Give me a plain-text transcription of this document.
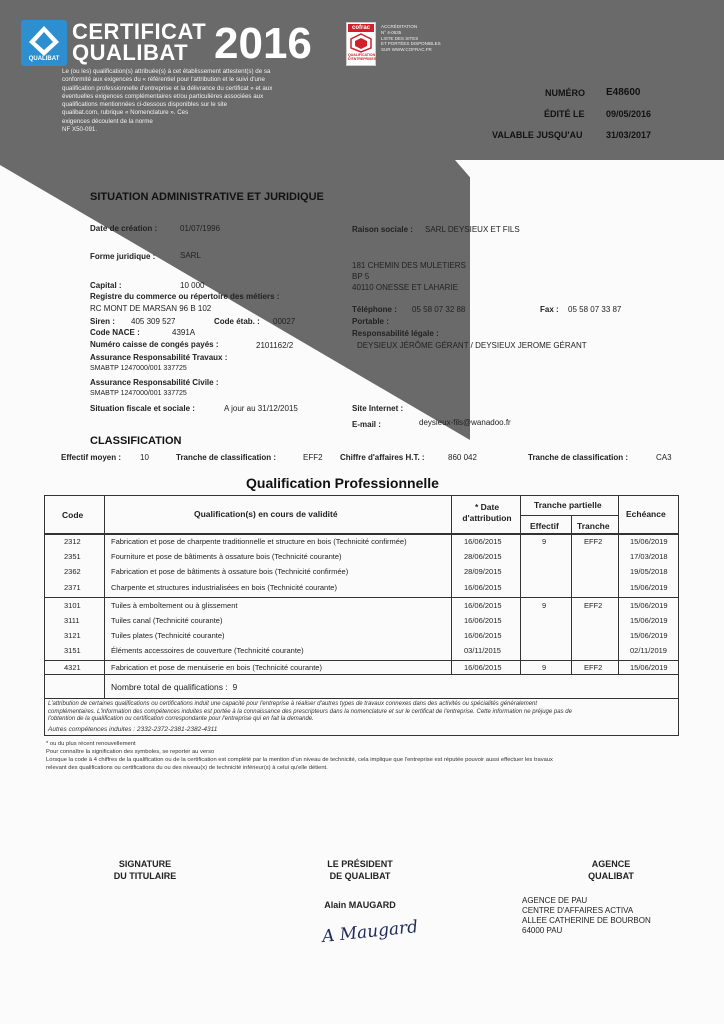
QUALIBAT
CERTIFICAT
QUALIBAT 2016
Le (ou les) qualification(s) attribuée(s) à cet établissement attestent(s) de sa
conformité aux exigences du « référentiel pour l'attribution et le suivi d'une
qualification professionnelle d'entreprise et la délivrance du certificat » et aux
éventuelles exigences complémentaires et/ou particulières associées aux
qualifications mentionnées ci-dessous disponibles sur le site
qualibat.com, rubrique « Nomenclature ». Ces
exigences découlent de la norme
NF X50-091.
cofrac
QUALIFICATION D'ENTREPRISES
ACCRÉDITATION
N° 4-0535
LISTE DES SITES
ET PORTÉES DISPONIBLES
SUR WWW.COFRAC.FR
NUMÉRO E48600
ÉDITÉ LE 09/05/2016
VALABLE JUSQU'AU	31/03/2017
SITUATION ADMINISTRATIVE ET JURIDIQUE
Date de création :	01/07/1996
Forme juridique :	SARL
Capital :	10 000
Registre du commerce ou répertoire des métiers :
RC MONT DE MARSAN 96 B 102
Siren : 405 309 527	Code étab. : 00027
Code NACE :	4391A
Numéro caisse de congés payés :	2101162/2
Assurance Responsabilité Travaux :
SMABTP 1247000/001 337725
Assurance Responsabilité Civile :
SMABTP 1247000/001 337725
Situation fiscale et sociale :	A jour au 31/12/2015
Raison sociale : SARL DEYSIEUX ET FILS
181 CHEMIN DES MULETIERS
BP 5
40110 ONESSE ET LAHARIE
Téléphone : 05 58 07 32 88	Fax : 05 58 07 33 87
Portable :
Responsabilité légale :
DEYSIEUX JÉRÔME GÉRANT / DEYSIEUX JEROME GÉRANT
Site Internet :
E-mail :	deysieux-fils@wanadoo.fr
CLASSIFICATION
Effectif moyen : 10	Tranche de classification :	EFF2 Chiffre d'affaires H.T. :	860 042	Tranche de classification :	CA3
Qualification Professionnelle
Code	Qualification(s) en cours de validité
* Date
d'attribution
Tranche partielle
Effectif Tranche
Echéance
2312	Fabrication et pose de charpente traditionnelle et structure en bois (Technicité confirmée)	16/06/2015	9	EFF2	15/06/2019
2351	Fourniture et pose de bâtiments à ossature bois (Technicité courante)	28/06/2015	17/03/2018
2362	Fabrication et pose de bâtiments à ossature bois (Technicité confirmée)	28/09/2015	19/05/2018
2371	Charpente et structures industrialisées en bois (Technicité courante)	16/06/2015	15/06/2019
3101	Tuiles à emboîtement ou à glissement	16/06/2015	9	EFF2	15/06/2019
3111	Tuiles canal (Technicité courante)	16/06/2015	15/06/2019
3121	Tuiles plates (Technicité courante)	16/06/2015	15/06/2019
3151	Éléments accessoires de couverture (Technicité courante)	03/11/2015	02/11/2019
4321	Fabrication et pose de menuiserie en bois (Technicité courante)	16/06/2015	9	EFF2	15/06/2019
Nombre total de qualifications : 9
L'attribution de certaines qualifications ou certifications induit une capacité pour l'entreprise à réaliser d'autres types de travaux connexes dans des activités ou spécialités généralement
complémentaires. L'information des compétences induites est portée à la connaissance des prescripteurs dans la nomenclature et sur le certificat de l'entreprise. Cette information ne préjuge pas de
l'obtention de la qualification ou certification correspondante pour l'entreprise qui en fait la demande.
Autres compétences induites : 2332-2372-2381-2382-4311
* ou du plus récent renouvellement
Pour connaître la signification des symboles, se reporter au verso
Lorsque la code à 4 chiffres de la qualification ou de la certification est complété par la mention d'un niveau de technicité, cela implique que l'entreprise est réputée pouvoir aussi effectuer les travaux
relevant des qualifications ou certifications du ou des niveau(x) de technicité inférieur(s) à celui qu'elle détient.
SIGNATURE
DU TITULAIRE
LE PRÉSIDENT
DE QUALIBAT
Alain MAUGARD
A Maugard
AGENCE
QUALIBAT
AGENCE DE PAU
CENTRE D'AFFAIRES ACTIVA
ALLEE CATHERINE DE BOURBON
64000 PAU
